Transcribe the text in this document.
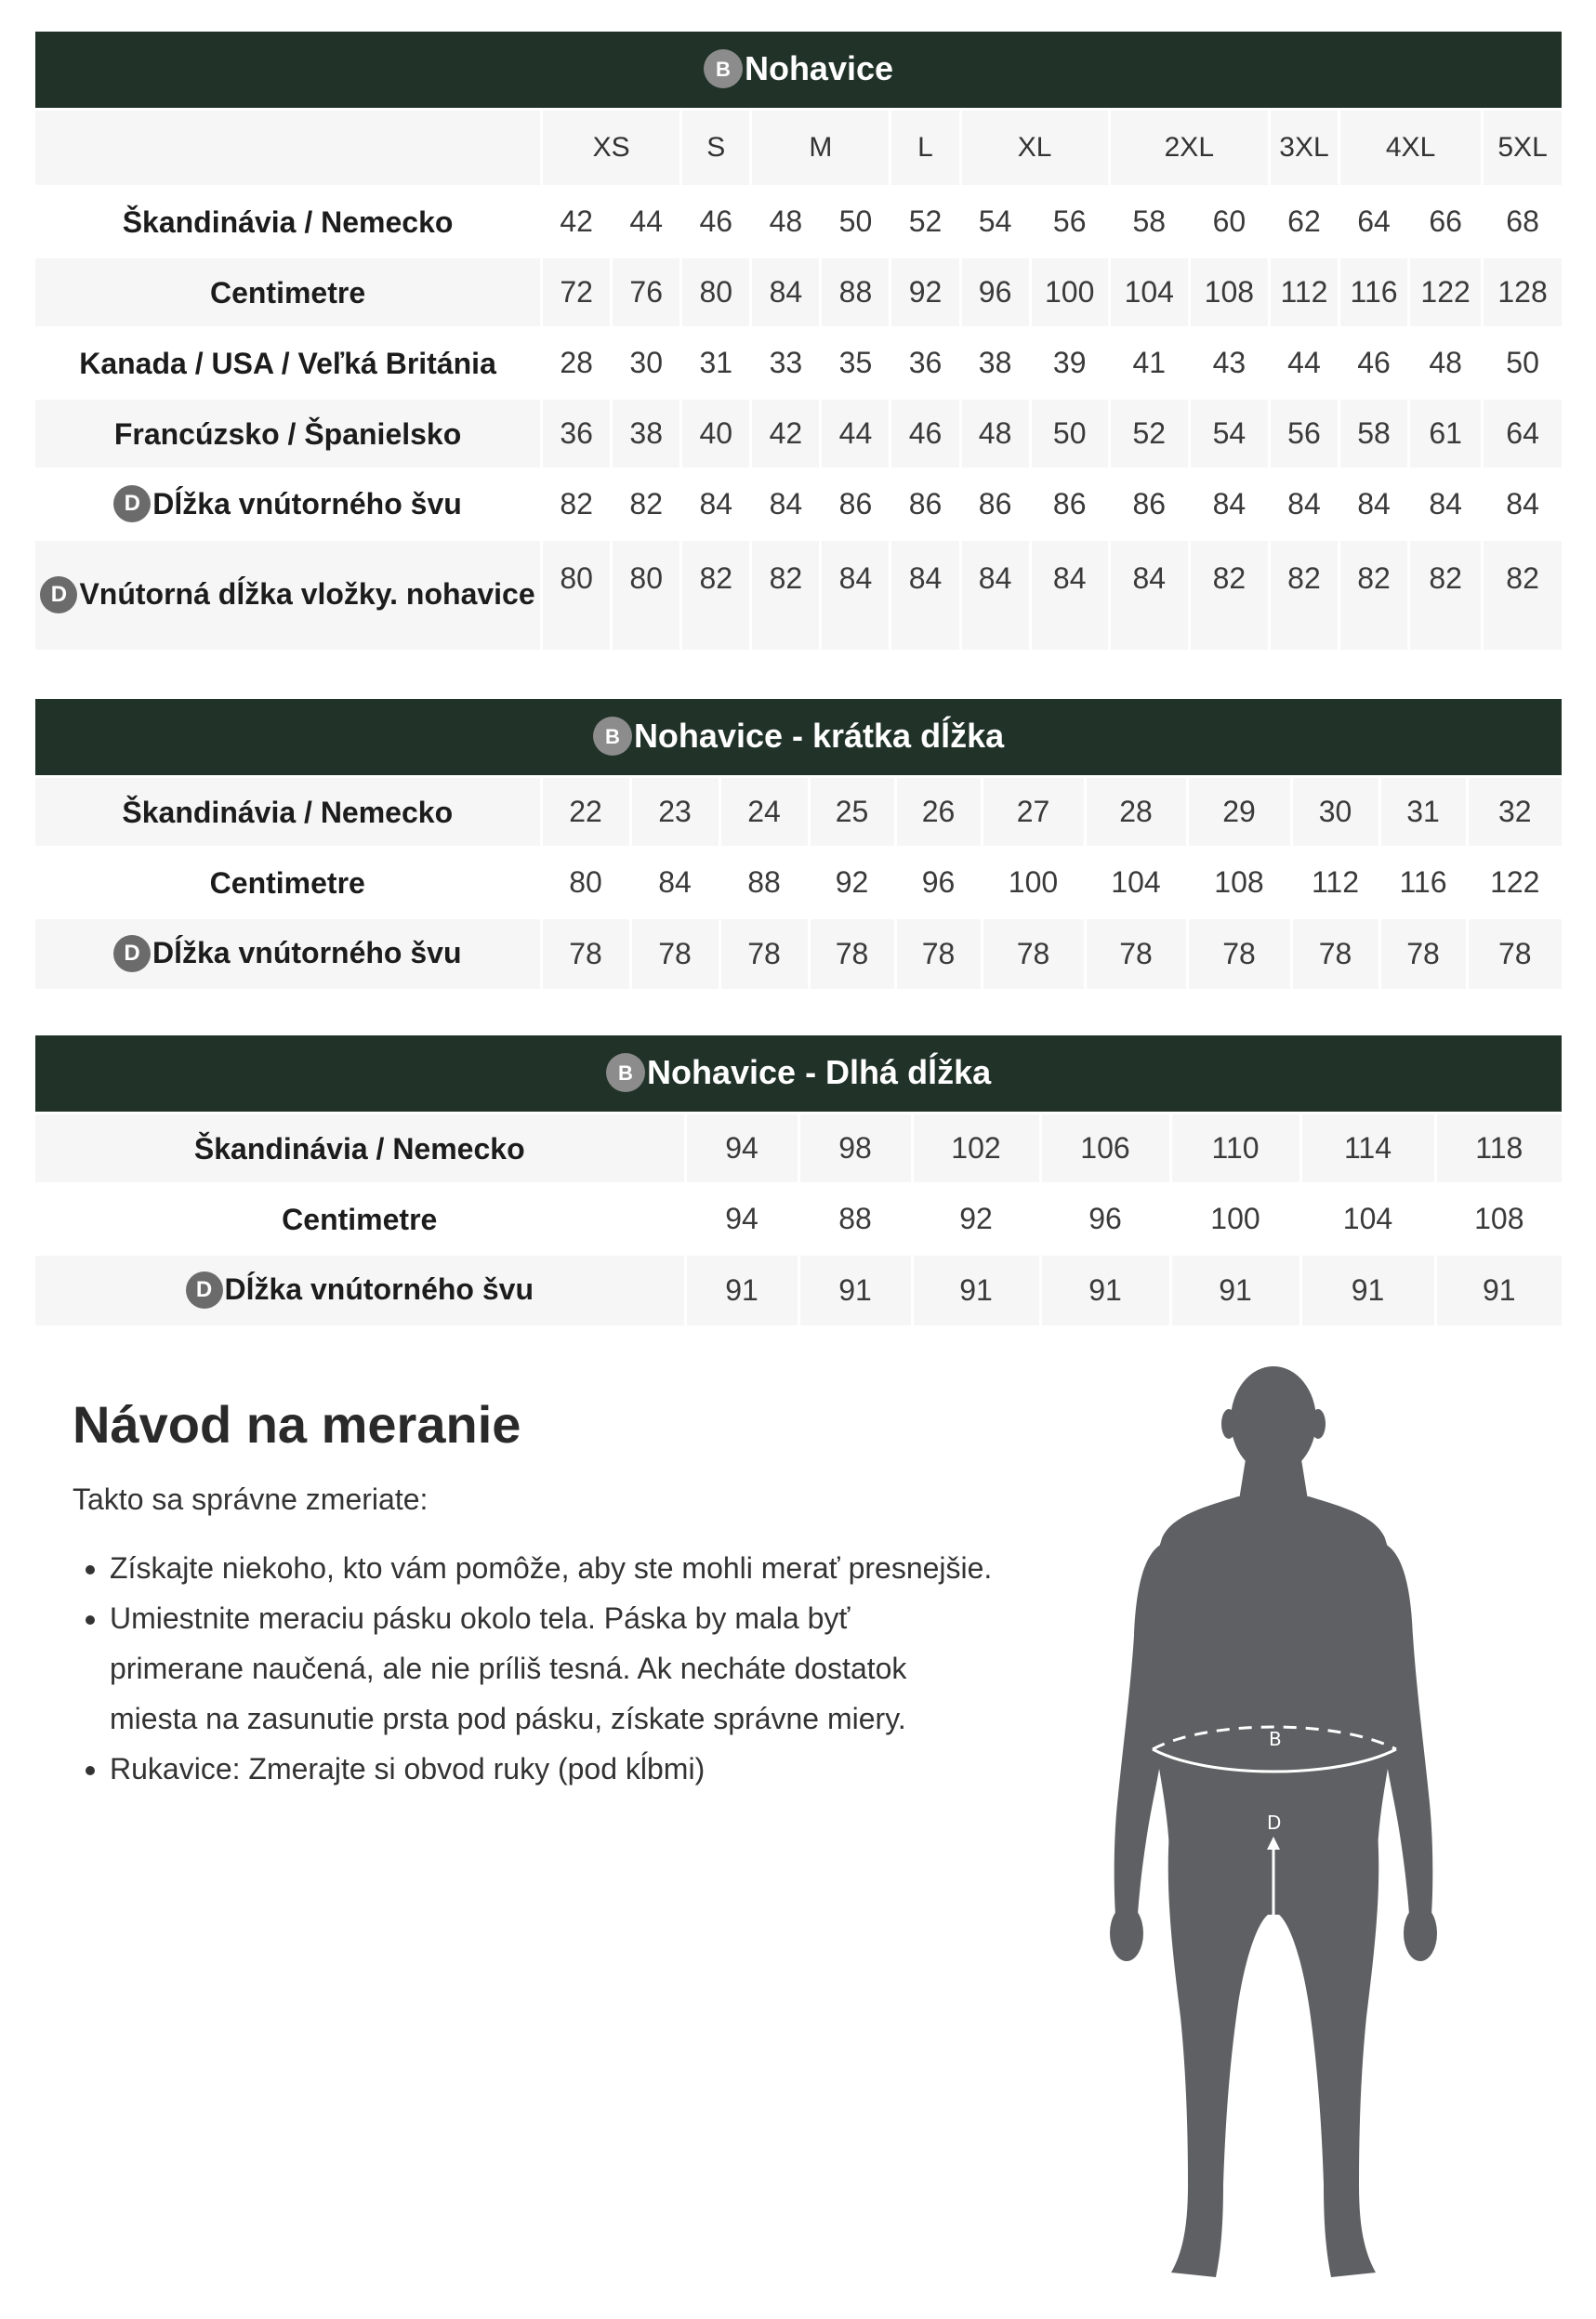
B Nohavice														
	XS		S	M		L	XL		2XL		3XL	4XL		5XL
Škandinávia / Nemecko	42	44	46	48	50	52	54	56	58	60	62	64	66	68
Centimetre	72	76	80	84	88	92	96	100	104	108	112	116	122	128
Kanada / USA / Veľká Británia	28	30	31	33	35	36	38	39	41	43	44	46	48	50
Francúzsko / Španielsko	36	38	40	42	44	46	48	50	52	54	56	58	61	64
D Dĺžka vnútorného švu	82	82	84	84	86	86	86	86	86	84	84	84	84	84
D Vnútorná dĺžka vložky. nohavice	80	80	82	82	84	84	84	84	84	82	82	82	82	82
B Nohavice - krátka dĺžka											
Škandinávia / Nemecko	22	23	24	25	26	27	28	29	30	31	32
Centimetre	80	84	88	92	96	100	104	108	112	116	122
D Dĺžka vnútorného švu	78	78	78	78	78	78	78	78	78	78	78
B Nohavice - Dlhá dĺžka							
Škandinávia / Nemecko	94	98	102	106	110	114	118
Centimetre	94	88	92	96	100	104	108
D Dĺžka vnútorného švu	91	91	91	91	91	91	91
Návod na meranie

Takto sa správne zmeriate:

• Získajte niekoho, kto vám pomôže, aby ste mohli merať presnejšie.
• Umiestnite meraciu pásku okolo tela. Páska by mala byť primerane naučená, ale nie príliš tesná. Ak necháte dostatok miesta na zasunutie prsta pod pásku, získate správne miery.
• Rukavice: Zmerajte si obvod ruky (pod kĺbmi)
B
D
